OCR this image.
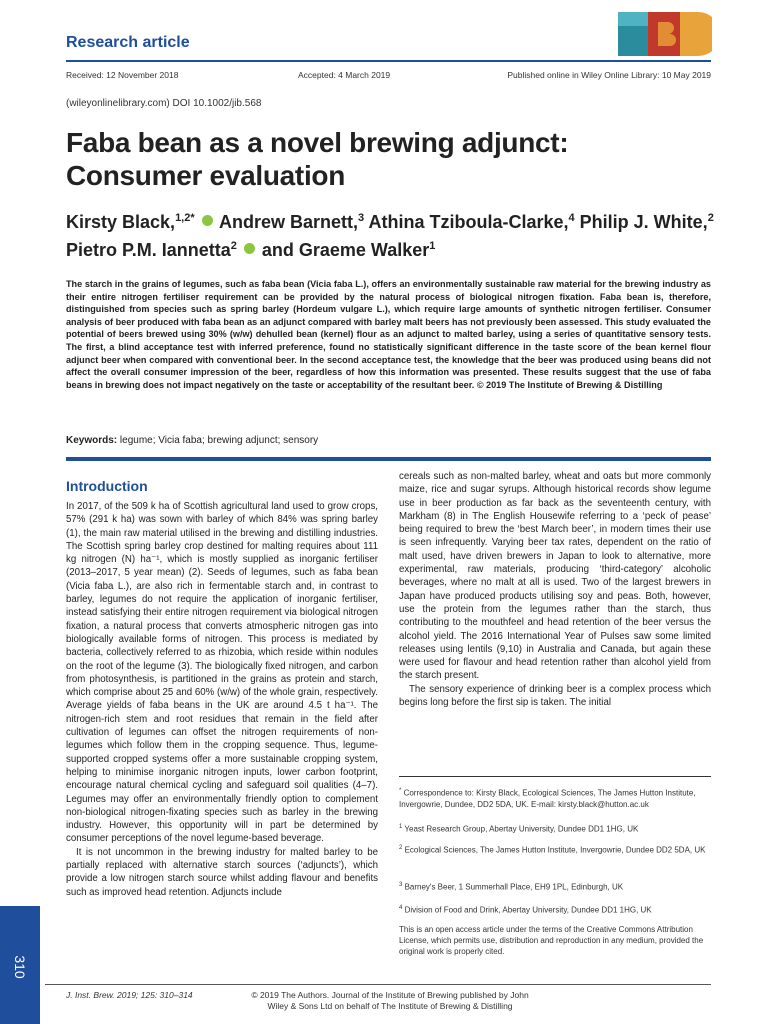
Research article
Received: 12 November 2018	Accepted: 4 March 2019	Published online in Wiley Online Library: 10 May 2019
(wileyonlinelibrary.com) DOI 10.1002/jib.568
Faba bean as a novel brewing adjunct: Consumer evaluation
Kirsty Black,$^{1,2*}$ Andrew Barnett,$^3$ Athina Tziboula-Clarke,$^4$ Philip J. White,$^2$
Pietro P.M. Iannetta$^2$ and Graeme Walker$^1$
The starch in the grains of legumes, such as faba bean (Vicia faba L.), offers an environmentally sustainable raw material for the brewing industry as their entire nitrogen fertiliser requirement can be provided by the natural process of biological nitrogen fixation. Faba bean is, therefore, distinguished from species such as spring barley (Hordeum vulgare L.), which require large amounts of synthetic nitrogen fertiliser. Consumer analysis of beer produced with faba bean as an adjunct compared with barley malt beers has not previously been assessed. This study evaluated the potential of beers brewed using 30% (w/w) dehulled bean (kernel) flour as an adjunct to malted barley, using a series of quantitative sensory tests. The first, a blind acceptance test with inferred preference, found no statistically significant difference in the taste score of the bean kernel flour adjunct beer when compared with conventional beer. In the second acceptance test, the knowledge that the beer was produced using beans did not affect the overall consumer impression of the beer, regardless of how this information was presented. These results suggest that the use of faba beans in brewing does not impact negatively on the taste or acceptability of the resultant beer. © 2019 The Institute of Brewing & Distilling
Keywords: legume; Vicia faba; brewing adjunct; sensory
Introduction

In 2017, of the 509 k ha of Scottish agricultural land used to grow crops, 57% (291 k ha) was sown with barley of which 84% was spring barley (1), the main raw material utilised in the brewing and distilling industries. The Scottish spring barley crop destined for malting requires about 111 kg nitrogen (N) ha⁻¹, which is mostly supplied as inorganic fertiliser (2013–2017, 5 year mean) (2). Seeds of legumes, such as faba bean (Vicia faba L.), are also rich in fermentable starch and, in contrast to barley, legumes do not require the application of inorganic fertiliser, instead satisfying their entire nitrogen requirement via biological nitrogen fixation, a natural process that converts atmospheric nitrogen gas into biologically available forms of nitrogen. This process is mediated by bacteria, collectively referred to as rhizobia, which reside within nodules on the root of the legume (3). The biologically fixed nitrogen, and carbon from photosynthesis, is partitioned in the grains as protein and starch, which comprise about 25 and 60% (w/w) of the whole grain, respectively. Average yields of faba beans in the UK are around 4.5 t ha⁻¹. The nitrogen-rich stem and root residues that remain in the field after cultivation of legumes can offset the nitrogen requirements of non-legumes which follow them in the cropping sequence. Thus, legume-supported cropped systems offer a more sustainable cropping system, helping to minimise inorganic nitrogen inputs, lower carbon footprint, encourage natural chemical cycling and safeguard soil qualities (4–7). Legumes may offer an environmentally friendly option to complement non-biological nitrogen-fixating species such as barley in the brewing industry. However, this opportunity will in part be determined by consumer perceptions of the novel legume-based beverage.

It is not uncommon in the brewing industry for malted barley to be partially replaced with alternative starch sources (‘adjuncts’), which provide a low nitrogen starch source whilst adding flavour and benefits such as improved head retention. Adjuncts include

cereals such as non-malted barley, wheat and oats but more commonly maize, rice and sugar syrups. Although historical records show legume use in beer production as far back as the seventeenth century, with Markham (8) in The English Housewife referring to a ‘peck of pease’ being required to brew the ‘best March beer’, in modern times their use is seen infrequently. Varying beer tax rates, dependent on the ratio of malt used, have driven brewers in Japan to look to alternative, more experimental, raw materials, producing ‘third-category’ alcoholic beverages, where no malt at all is used. Two of the largest brewers in Japan have produced products utilising soy and peas. Both, however, use the protein from the legumes rather than the starch, thus contributing to the mouthfeel and head retention of the beer versus the alcohol yield. The 2016 International Year of Pulses saw some limited releases using lentils (9,10) in Australia and Canada, but again these were used for flavour and head retention rather than alcohol yield from the starch present.

The sensory experience of drinking beer is a complex process which begins long before the first sip is taken. The initial

* Correspondence to: Kirsty Black, Ecological Sciences, The James Hutton Institute, Invergowrie, Dundee, DD2 5DA, UK. E-mail: kirsty.black@hutton.ac.uk
$^1$ Yeast Research Group, Abertay University, Dundee DD1 1HG, UK
$^2$ Ecological Sciences, The James Hutton Institute, Invergowrie, Dundee DD2 5DA, UK
$^3$ Barney's Beer, 1 Summerhall Place, EH9 1PL, Edinburgh, UK
$^4$ Division of Food and Drink, Abertay University, Dundee DD1 1HG, UK
This is an open access article under the terms of the Creative Commons Attribution License, which permits use, distribution and reproduction in any medium, provided the original work is properly cited.
310
J. Inst. Brew. 2019; 125: 310–314	© 2019 The Authors. Journal of the Institute of Brewing published by John Wiley & Sons Ltd on behalf of The Institute of Brewing & Distilling
